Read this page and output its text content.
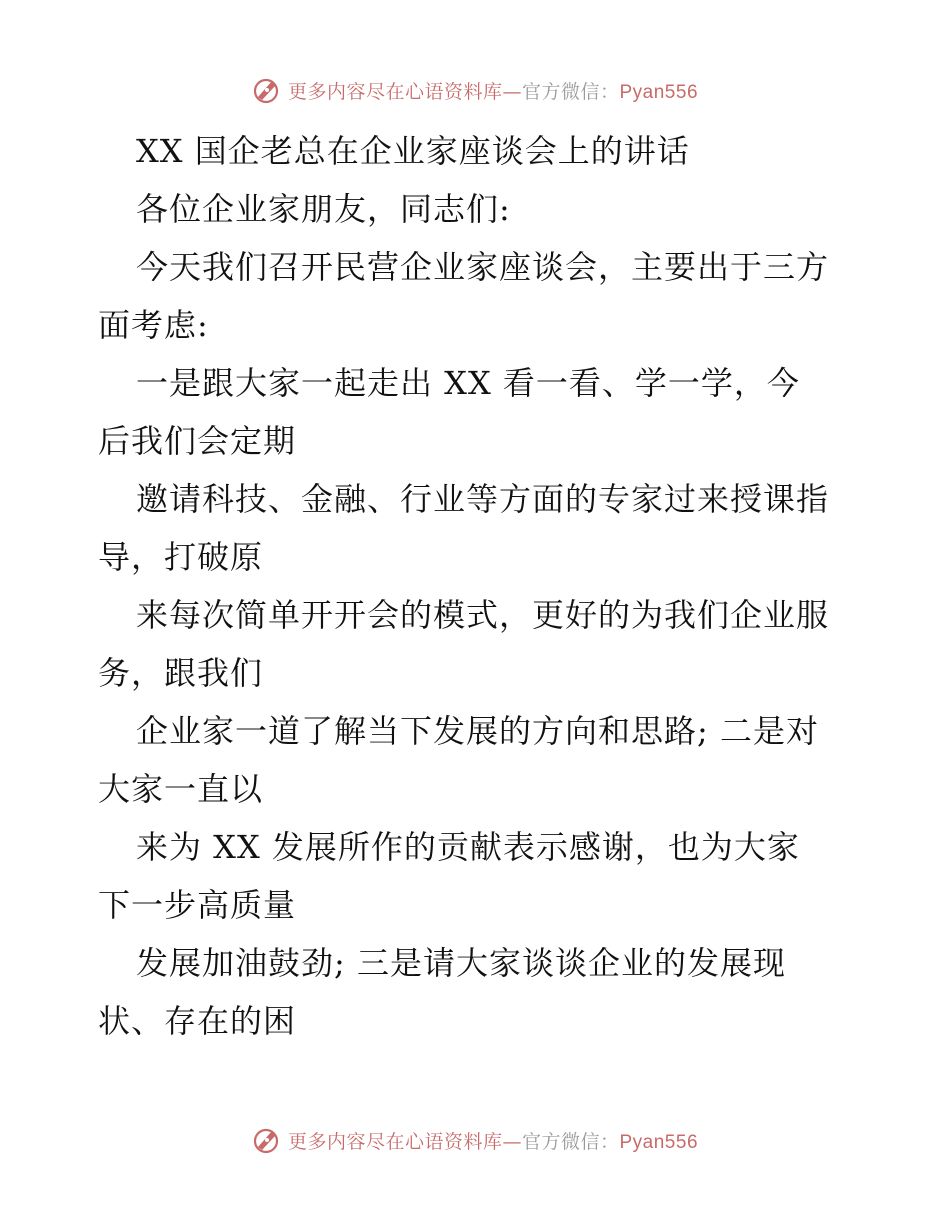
更多内容尽在心语资料库—官方微信：Pyan556
XX 国企老总在企业家座谈会上的讲话
各位企业家朋友，同志们:
今天我们召开民营企业家座谈会，主要出于三方
面考虑:
一是跟大家一起走出 XX 看一看、学一学，今
后我们会定期
邀请科技、金融、行业等方面的专家过来授课指
导，打破原
来每次简单开开会的模式，更好的为我们企业服
务，跟我们
企业家一道了解当下发展的方向和思路; 二是对
大家一直以
来为 XX 发展所作的贡献表示感谢，也为大家
下一步高质量
发展加油鼓劲; 三是请大家谈谈企业的发展现
状、存在的困
更多内容尽在心语资料库—官方微信：Pyan556
